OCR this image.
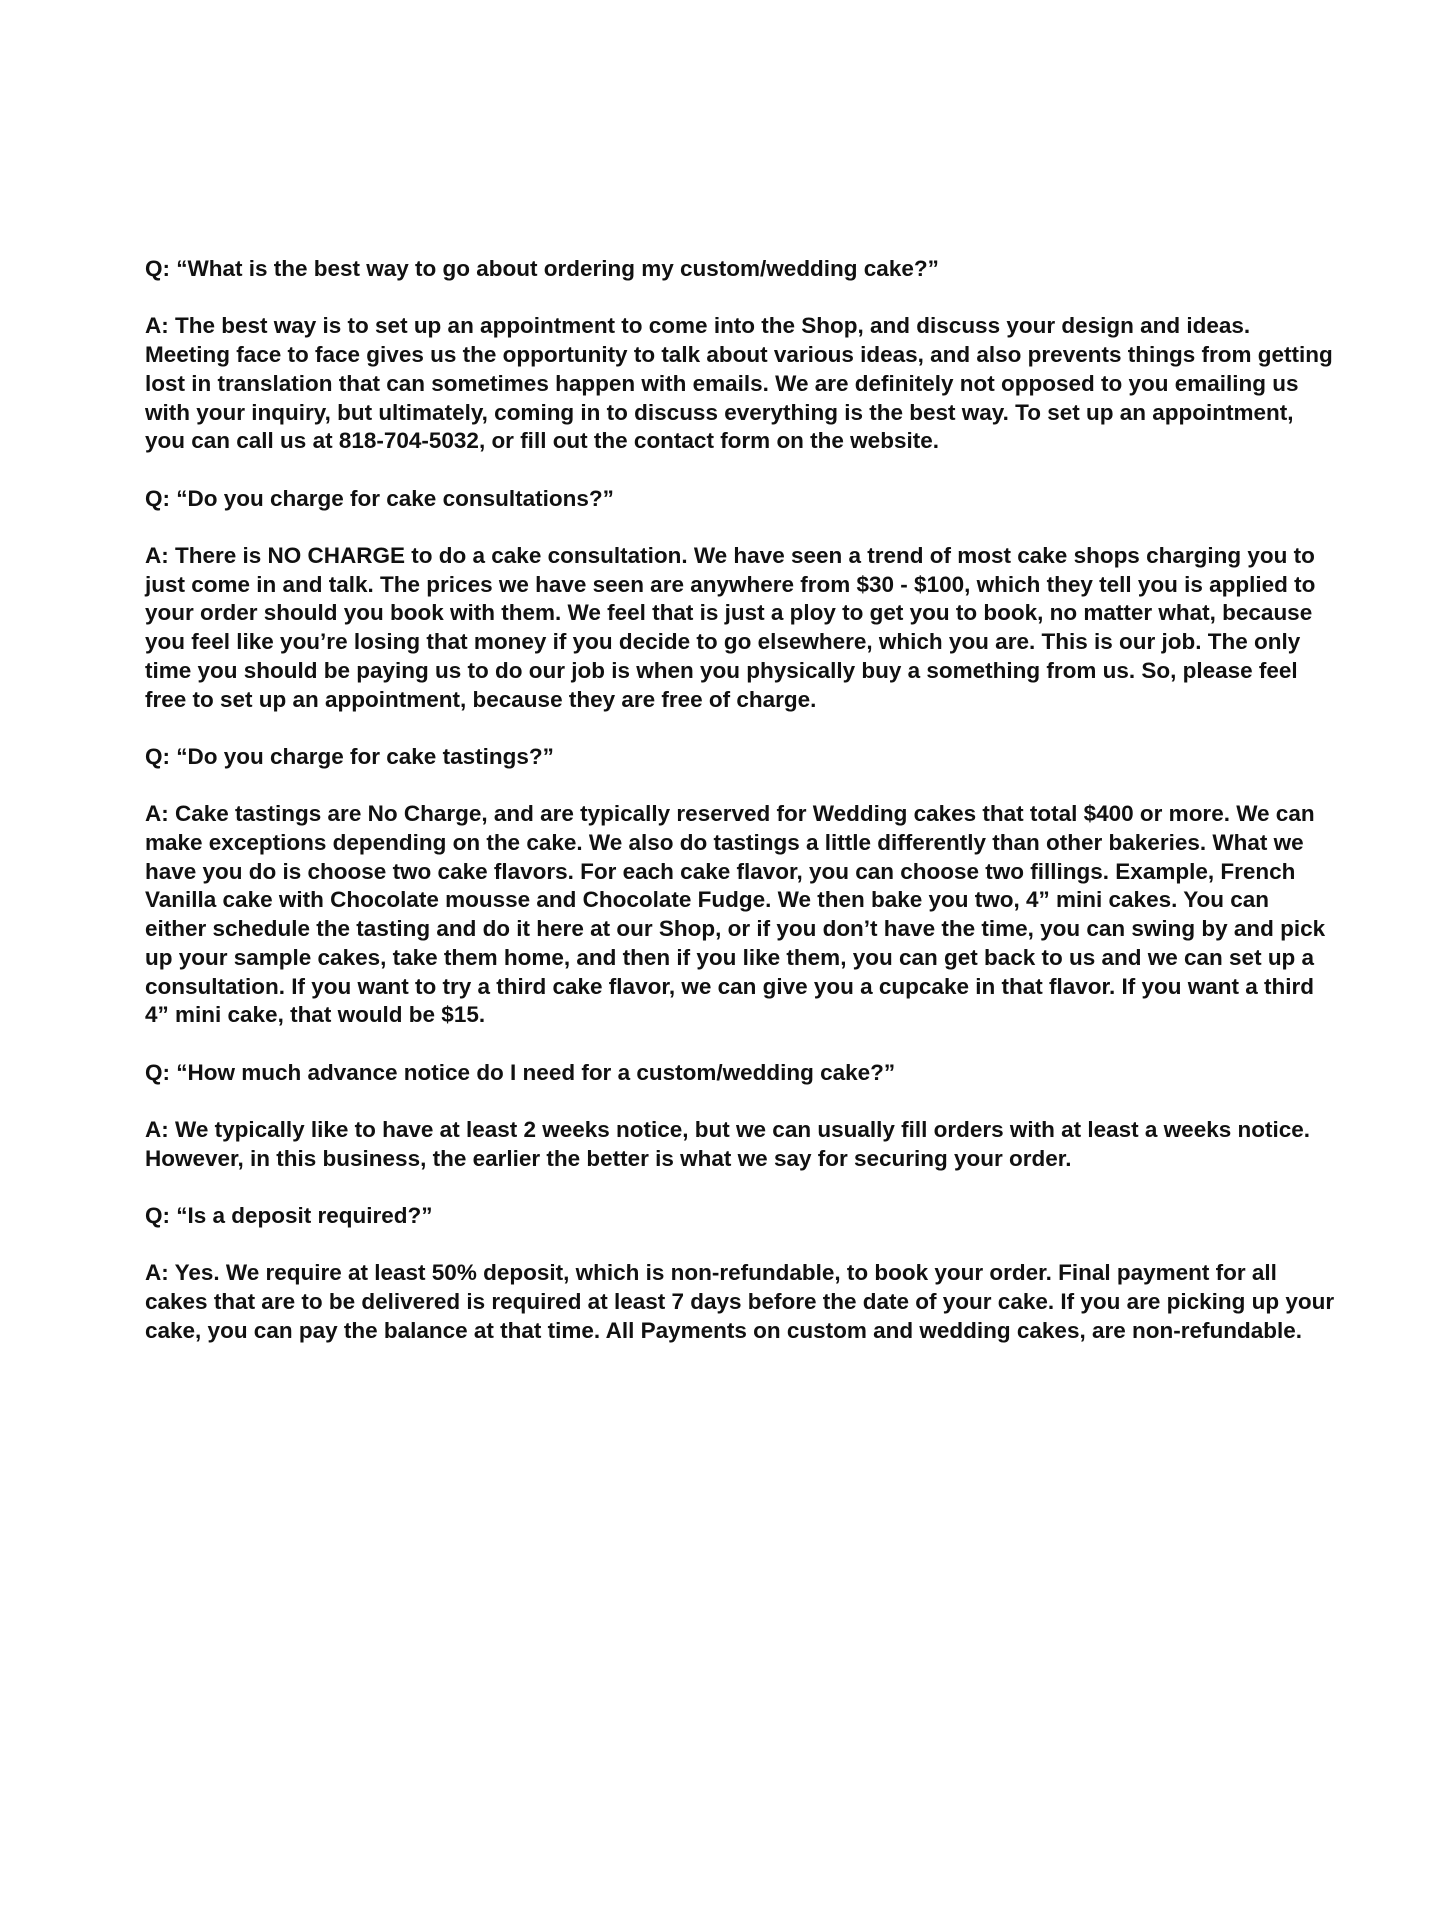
Q: “What is the best way to go about ordering my custom/wedding cake?”

A: The best way is to set up an appointment to come into the Shop, and discuss your design and ideas. Meeting face to face gives us the opportunity to talk about various ideas, and also prevents things from getting lost in translation that can sometimes happen with emails. We are definitely not opposed to you emailing us with your inquiry, but ultimately, coming in to discuss everything is the best way. To set up an appointment, you can call us at 818-704-5032, or fill out the contact form on the website.

Q: “Do you charge for cake consultations?”

A: There is NO CHARGE to do a cake consultation. We have seen a trend of most cake shops charging you to just come in and talk. The prices we have seen are anywhere from $30 - $100, which they tell you is applied to your order should you book with them. We feel that is just a ploy to get you to book, no matter what, because you feel like you’re losing that money if you decide to go elsewhere, which you are. This is our job. The only time you should be paying us to do our job is when you physically buy a something from us. So, please feel free to set up an appointment, because they are free of charge.

Q: “Do you charge for cake tastings?”

A: Cake tastings are No Charge, and are typically reserved for Wedding cakes that total $400 or more. We can make exceptions depending on the cake. We also do tastings a little differently than other bakeries. What we have you do is choose two cake flavors. For each cake flavor, you can choose two fillings. Example, French Vanilla cake with Chocolate mousse and Chocolate Fudge. We then bake you two, 4” mini cakes. You can either schedule the tasting and do it here at our Shop, or if you don’t have the time, you can swing by and pick up your sample cakes, take them home, and then if you like them, you can get back to us and we can set up a consultation. If you want to try a third cake flavor, we can give you a cupcake in that flavor. If you want a third 4” mini cake, that would be $15.

Q: “How much advance notice do I need for a custom/wedding cake?”

A: We typically like to have at least 2 weeks notice, but we can usually fill orders with at least a weeks notice. However, in this business, the earlier the better is what we say for securing your order.

Q: “Is a deposit required?”

A: Yes. We require at least 50% deposit, which is non-refundable, to book your order. Final payment for all cakes that are to be delivered is required at least 7 days before the date of your cake. If you are picking up your cake, you can pay the balance at that time. All Payments on custom and wedding cakes, are non-refundable.
